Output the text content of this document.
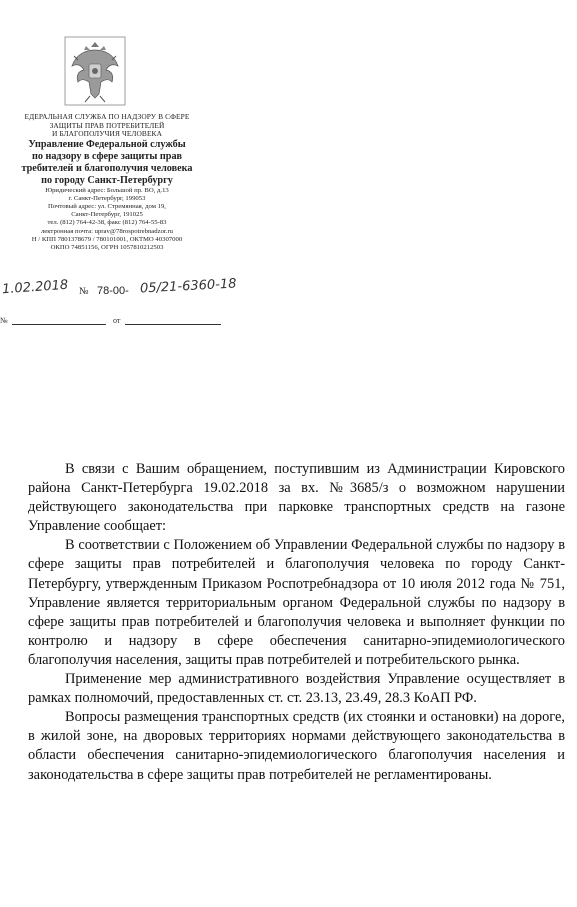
ЕДЕРАЛЬНАЯ СЛУЖБА ПО НАДЗОРУ В СФЕРЕ
ЗАЩИТЫ ПРАВ ПОТРЕБИТЕЛЕЙ
И БЛАГОПОЛУЧИЯ ЧЕЛОВЕКА
Управление Федеральной службы
по надзору в сфере защиты прав
требителей и благополучия человека
по городу Санкт-Петербургу
Юридический адрес: Большой пр. ВО, д.13
г. Санкт-Петербург, 199053
Почтовый адрес: ул. Стремянная, дом 19,
Санкт-Петербург, 191025
тел. (812) 764-42-38, факс (812) 764-55-83
лектронная почта: uprav@78rospotrebnadzor.ru
Н / КПП 7801378679 / 780101001, ОКТМО 40307000
ОКПО 74851156, ОГРН 1057810212503
1.02.2018 № 78-00- 05/21-6360-18
№	от

В связи с Вашим обращением, поступившим из Администрации Кировского района Санкт-Петербурга 19.02.2018 за вх. №3685/з о возможном нарушении действующего законодательства при парковке транспортных средств на газоне Управление сообщает:

В соответствии с Положением об Управлении Федеральной службы по надзору в сфере защиты прав потребителей и благополучия человека по городу Санкт-Петербургу, утвержденным Приказом Роспотребнадзора от 10 июля 2012 года № 751, Управление является территориальным органом Федеральной службы по надзору в сфере защиты прав потребителей и благополучия человека и выполняет функции по контролю и надзору в сфере обеспечения санитарно-эпидемиологического благополучия населения, защиты прав потребителей и потребительского рынка.

Применение мер административного воздействия Управление осуществляет в рамках полномочий, предоставленных ст. ст. 23.13, 23.49, 28.3 КоАП РФ.

Вопросы размещения транспортных средств (их стоянки и остановки) на дороге, в жилой зоне, на дворовых территориях нормами действующего законодательства в области обеспечения санитарно-эпидемиологического благополучия населения и законодательства в сфере защиты прав потребителей не регламентированы.
